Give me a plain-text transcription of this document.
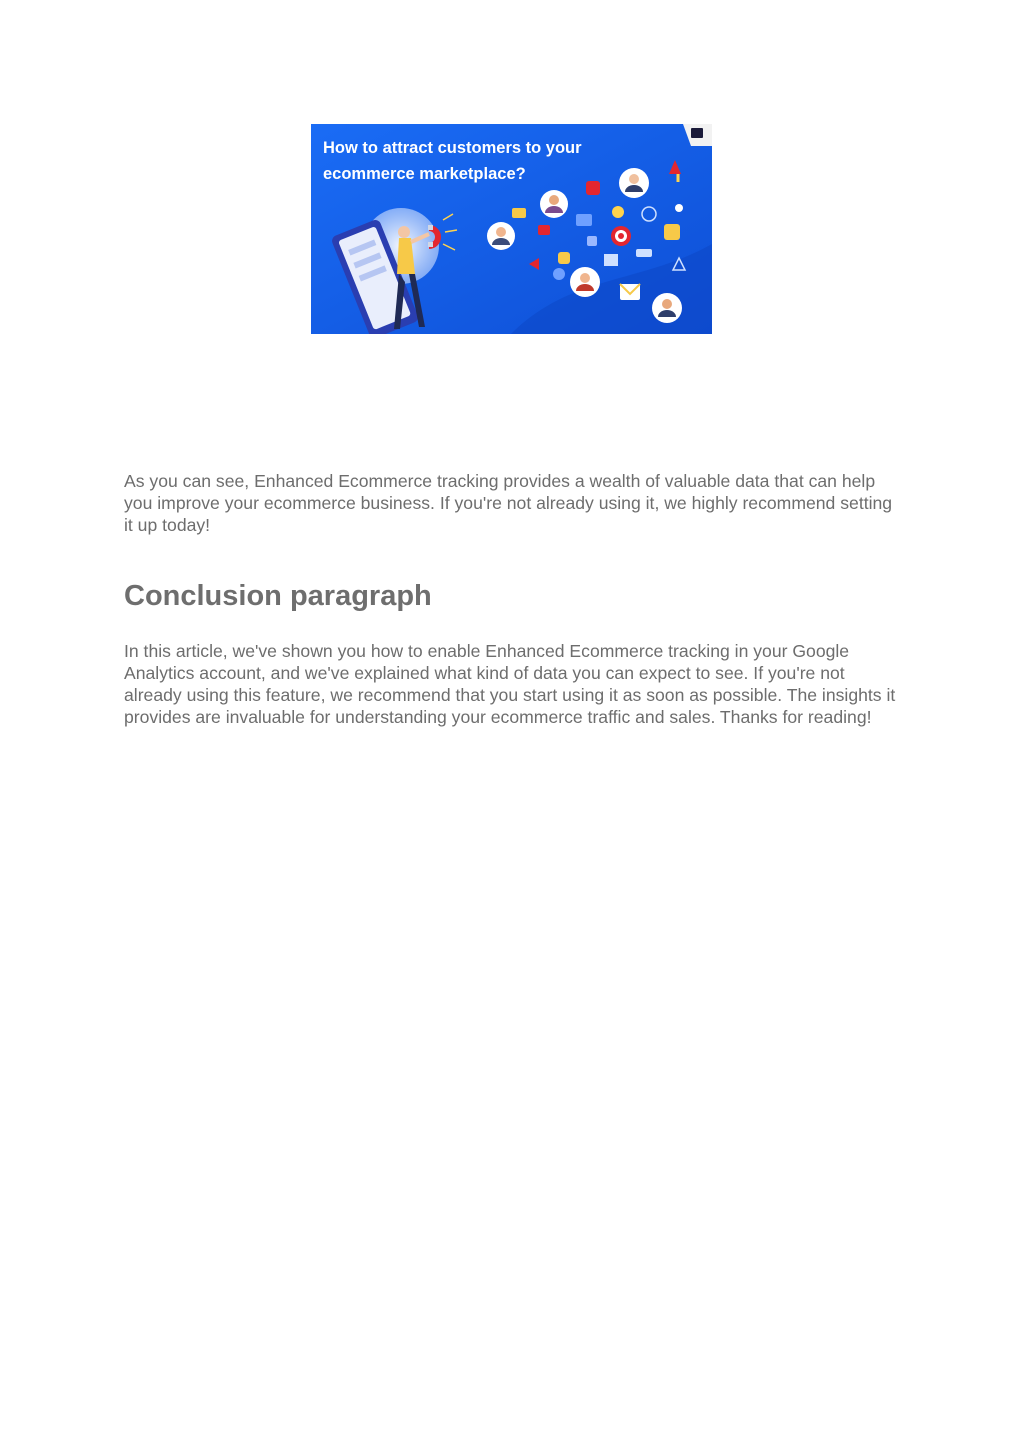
How to attract customers to your
ecommerce marketplace?

As you can see, Enhanced Ecommerce tracking provides a wealth of valuable data that can help you improve your ecommerce business. If you're not already using it, we highly recommend setting it up today!

Conclusion paragraph

In this article, we've shown you how to enable Enhanced Ecommerce tracking in your Google Analytics account, and we've explained what kind of data you can expect to see. If you're not already using this feature, we recommend that you start using it as soon as possible. The insights it provides are invaluable for understanding your ecommerce traffic and sales. Thanks for reading!
